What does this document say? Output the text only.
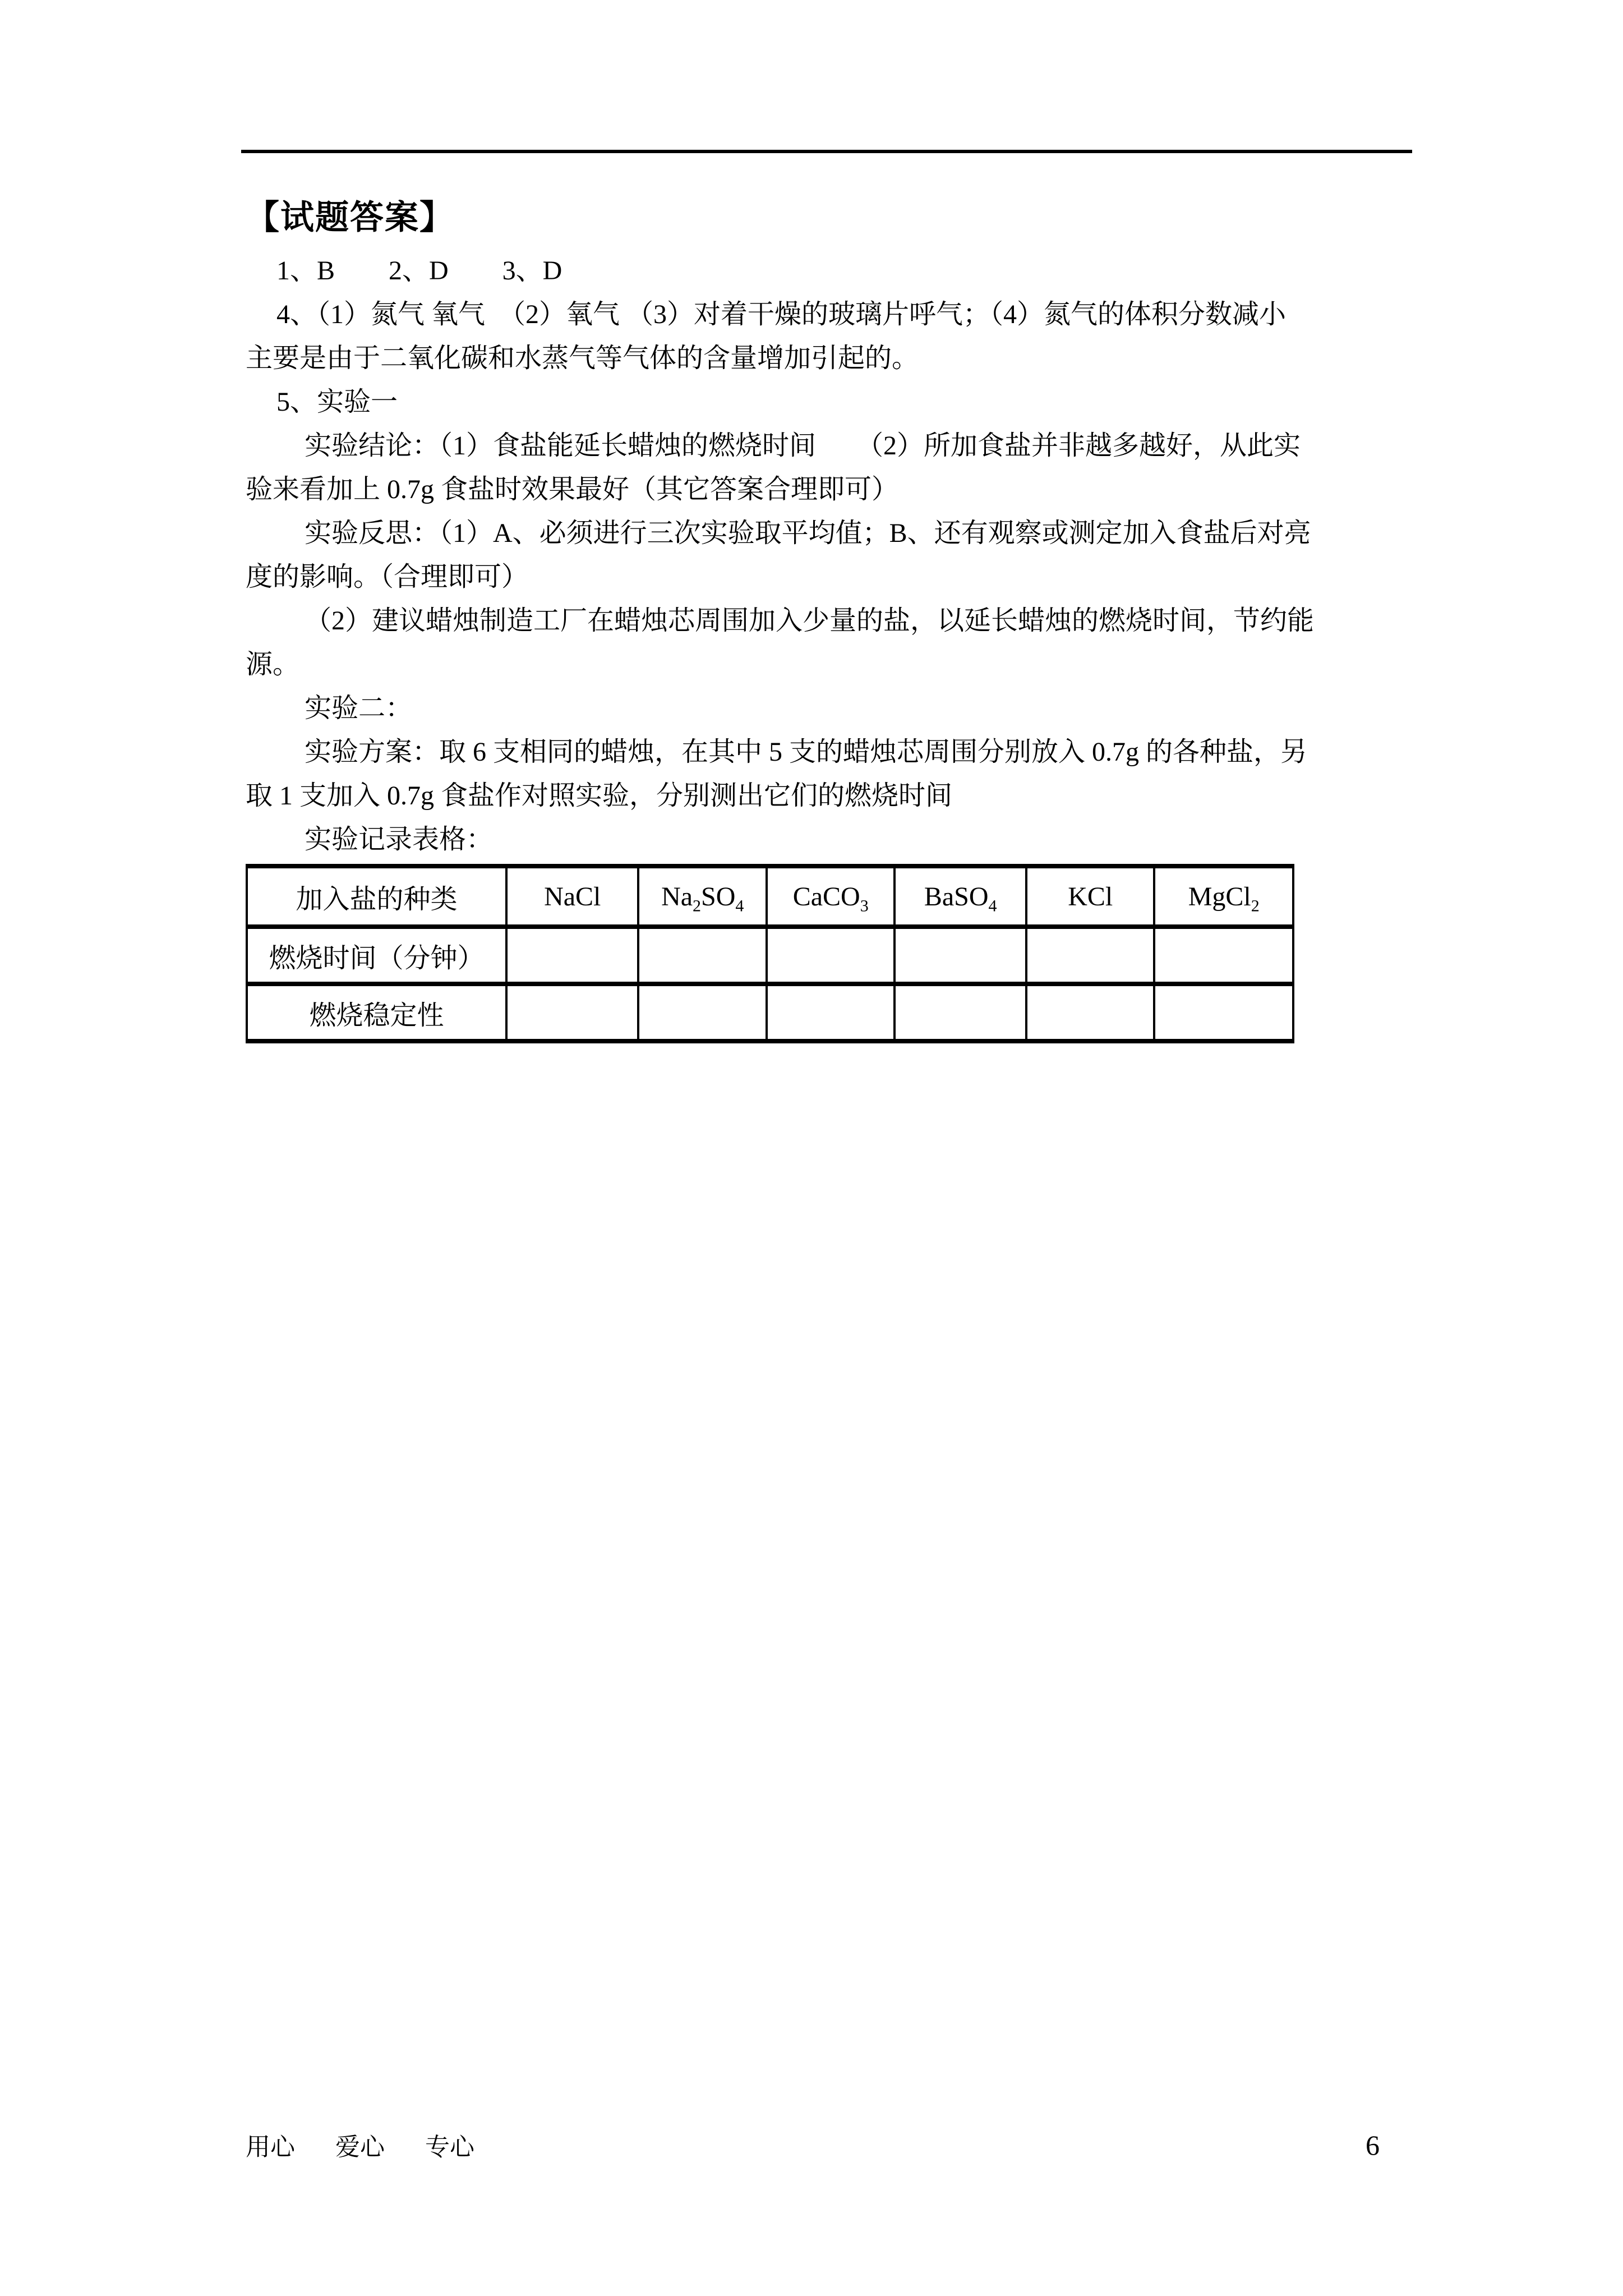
【试题答案】
1、B　　2、D　　3、D
4、（1）氮气 氧气　（2）氧气 （3）对着干燥的玻璃片呼气；（4）氮气的体积分数减小
主要是由于二氧化碳和水蒸气等气体的含量增加引起的。
5、实验一
实验结论：（1）食盐能延长蜡烛的燃烧时间　　（2）所加食盐并非越多越好，从此实
验来看加上 0.7g 食盐时效果最好（其它答案合理即可）
实验反思：（1）A、必须进行三次实验取平均值；B、还有观察或测定加入食盐后对亮
度的影响。（合理即可）
（2）建议蜡烛制造工厂在蜡烛芯周围加入少量的盐，以延长蜡烛的燃烧时间，节约能
源。
实验二：
实验方案：取 6 支相同的蜡烛，在其中 5 支的蜡烛芯周围分别放入 0.7g 的各种盐，另
取 1 支加入 0.7g 食盐作对照实验，分别测出它们的燃烧时间
实验记录表格：
加入盐的种类	NaCl	$Na_2SO_4$	CaCO$_3$	BaSO$_4$	KCl	MgCl$_2$
燃烧时间（分钟）						
燃烧稳定性						
用心 爱心 专心	6
